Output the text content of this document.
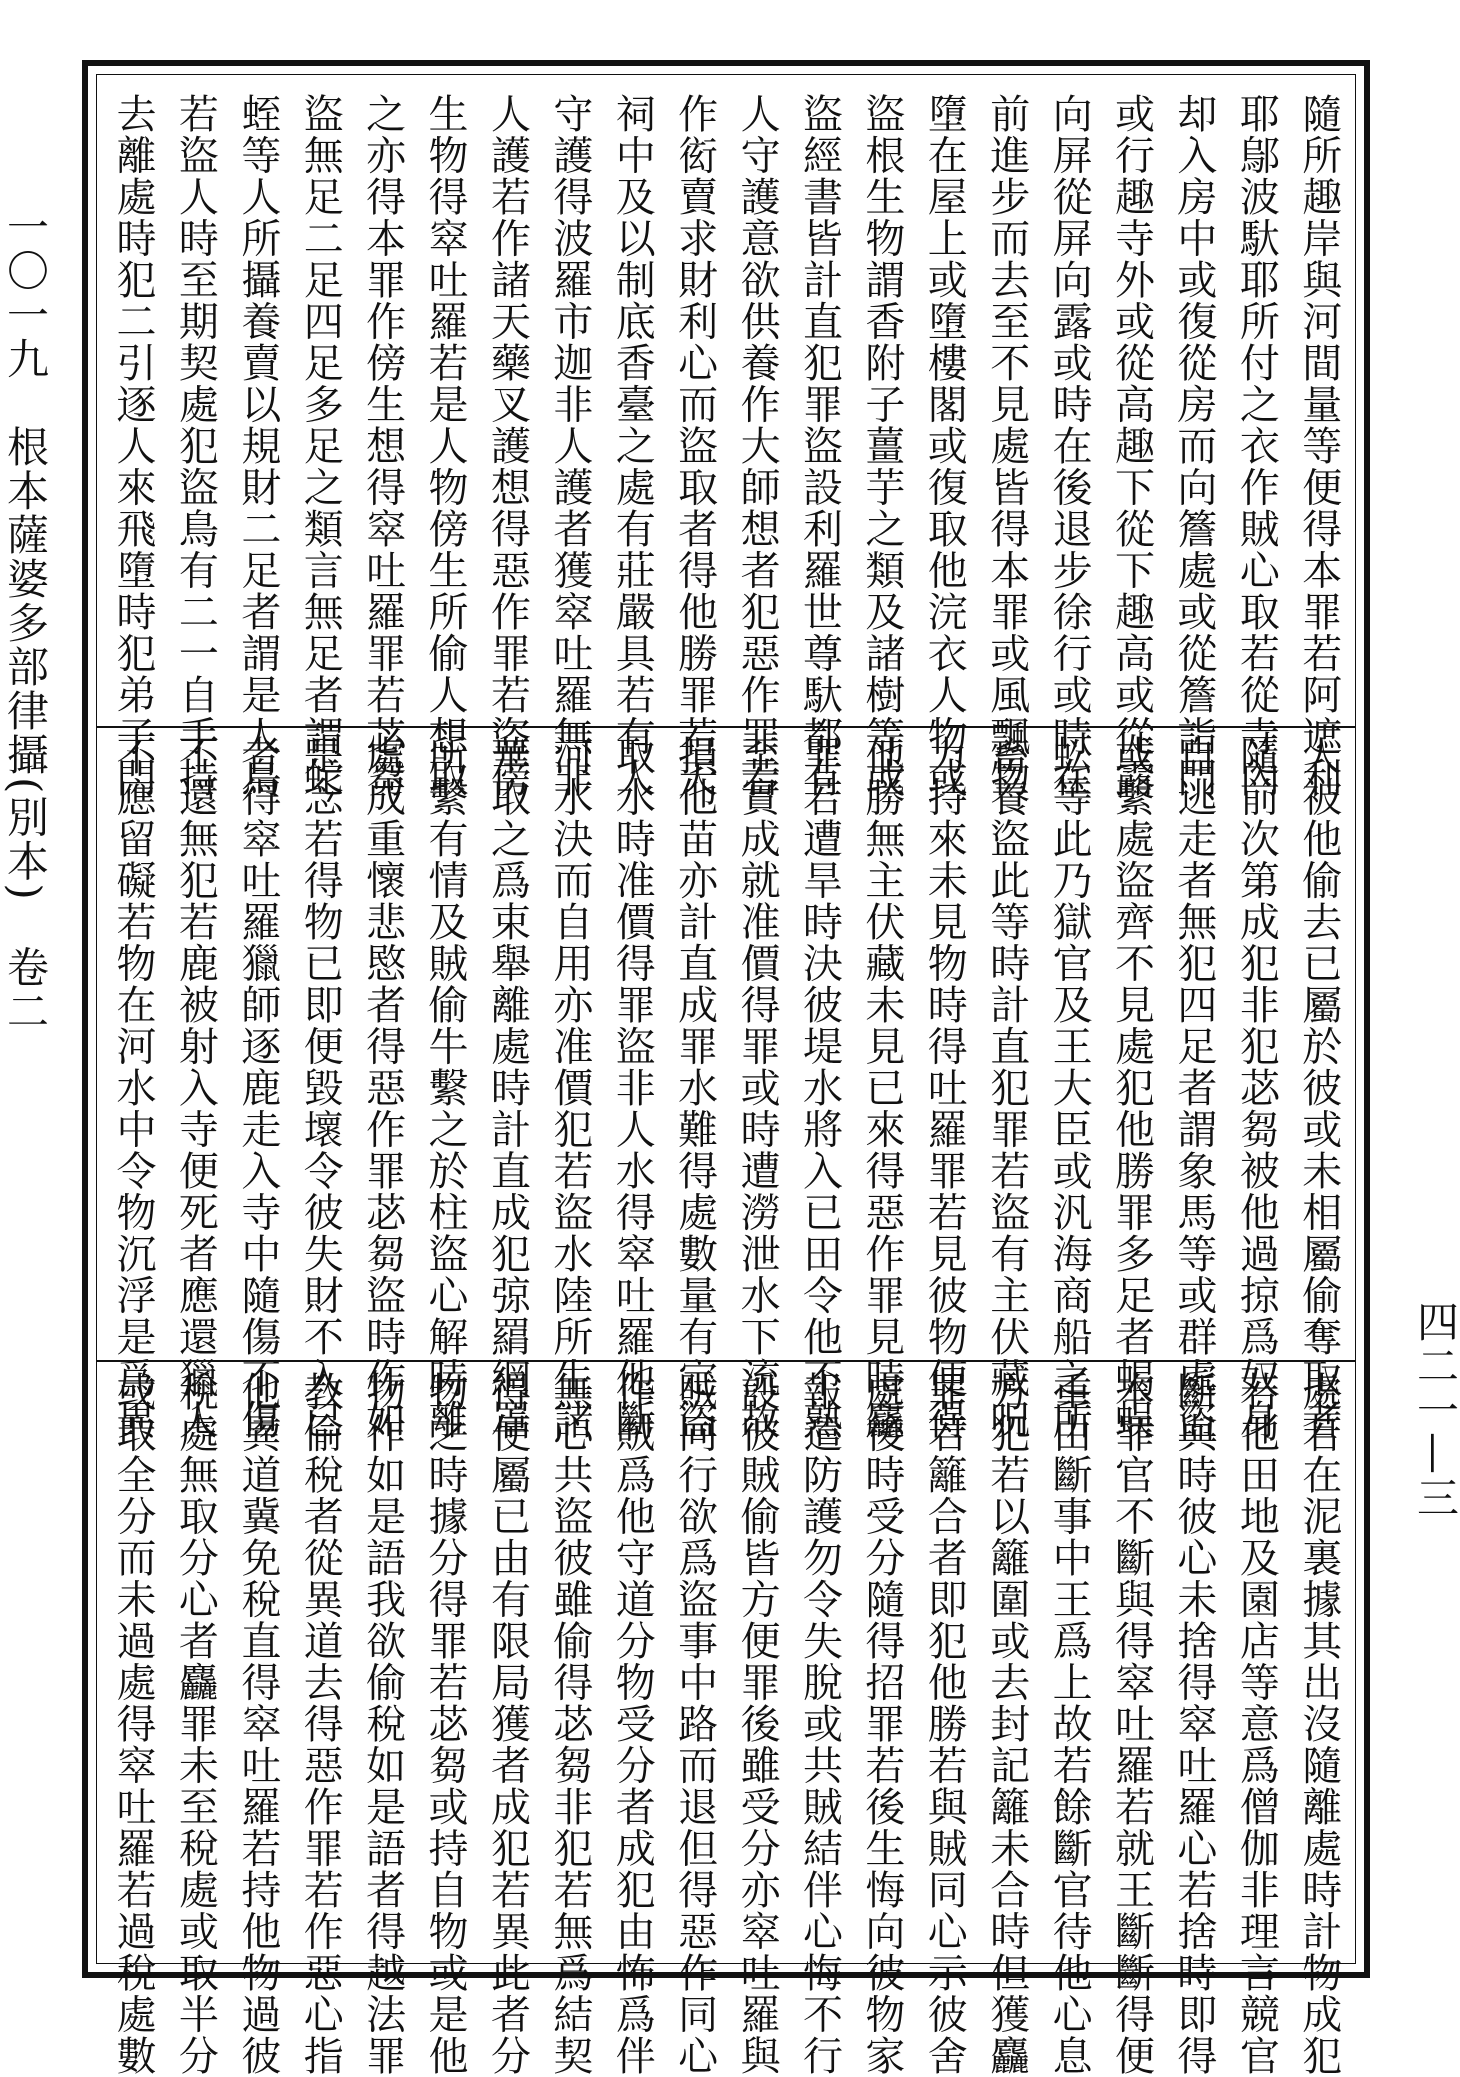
一〇一九　根本薩婆多部律攝(別本)　卷二
四二一—三
隨所趣岸與河間量等便得本罪若阿遮利
耶鄔波馱耶所付之衣作賊心取若從寺內
却入房中或復從房而向簷處或從簷詣門
或行趣寺外或從高趣下從下趣高或從露
向屏從屏向露或時在後退步徐行或時在
前進步而去至不見處皆得本罪或風飄物
墮在屋上或墮樓閣或復取他浣衣人物或
盜根生物謂香附子薑芋之類及諸樹等或
盜經書皆計直犯罪盜設利羅世尊馱都有
人守護意欲供養作大師想者犯惡作罪若
作衒賣求財利心而盜取者得他勝罪若天
祠中及以制底香臺之處有莊嚴具若有人
守護得波羅市迦非人護者獲窣吐羅無非
人護若作諸天藥叉護想得惡作罪若盜傍
生物得窣吐羅若是人物傍生所偷人想取
之亦得本罪作傍生想得窣吐羅罪若苾芻
盜無足二足四足多足之類言無足者謂蛇
蛭等人所攝養賣以規財二足者謂是人鳥
若盜人時至期契處犯盜鳥有二一自手持
去離處時犯二引逐人來飛墮時犯弟子門
人被他偷去已屬於彼或未相屬偷奪取者
隨前次第成犯非犯苾芻被他過掠爲奴身
自逃走者無犯四足者謂象馬等或群處盜
或繫處盜齊不見處犯他勝罪多足者蝎蜈
蚣等此乃獄官及王大臣或汎海商船之所
畜養盜此等時計直犯罪若盜有主伏藏呪
力持來未見物時得吐羅罪若見彼物便得
他勝無主伏藏未見已來得惡作罪見時麤
罪若遭旱時決彼堤水將入已田令他不熟
至實成就准價得罪或時遭澇泄水下流故
損他苗亦計直成罪水難得處數量有定盜
取水時准價得罪盜非人水得窣吐羅他斷
河水決而自用亦准價犯若盜水陸所生諸
華取之爲束舉離處時計直成犯弶羂網罩
所繫有情及賊偷牛繫之於柱盜心解時離
處成重懷悲愍者得惡作罪苾芻盜時作如
是念若得物已即便毀壞令彼失財不入已
者得窣吐羅獵師逐鹿走入寺中隨傷不傷
不還無犯若鹿被射入寺便死者應還獵人
不應留礙若物在河水中令物沉浮是爲異
處若在泥裏據其出沒隨離處時計物成犯
若他田地及園店等意爲僧伽非理言競官
斷與時彼心未捨得窣吐羅心若捨時即得
本罪官不斷與得窣吐羅若就王斷斷得便
重由斷事中王爲上故若餘斷官待他心息
方犯若以籬圍或去封記籬未合時但獲麤
罪若籬合者即犯他勝若與賊同心示彼舍
處後時受分隨得招罪若後生悔向彼物家
報遣防護勿令失脫或共賊結伴心悔不行
設彼賊偷皆方便罪後雖受分亦窣吐羅與
賊同行欲爲盜事中路而退但得惡作同心
作賊爲他守道分物受分者成犯由怖爲伴
無心共盜彼雖偷得苾芻非犯若無爲結契
得便屬已由有限局獲者成犯若異此者分
物之時據分得罪若苾芻或持自物或是他
物作如是語我欲偷稅如是語者得越法罪
教偷稅者從異道去得惡作罪若作惡心指
他異道冀免稅直得窣吐羅若持他物過彼
稅處無取分心者麤罪未至稅處或取半分
或取全分而未過處得窣吐羅若過稅處數
